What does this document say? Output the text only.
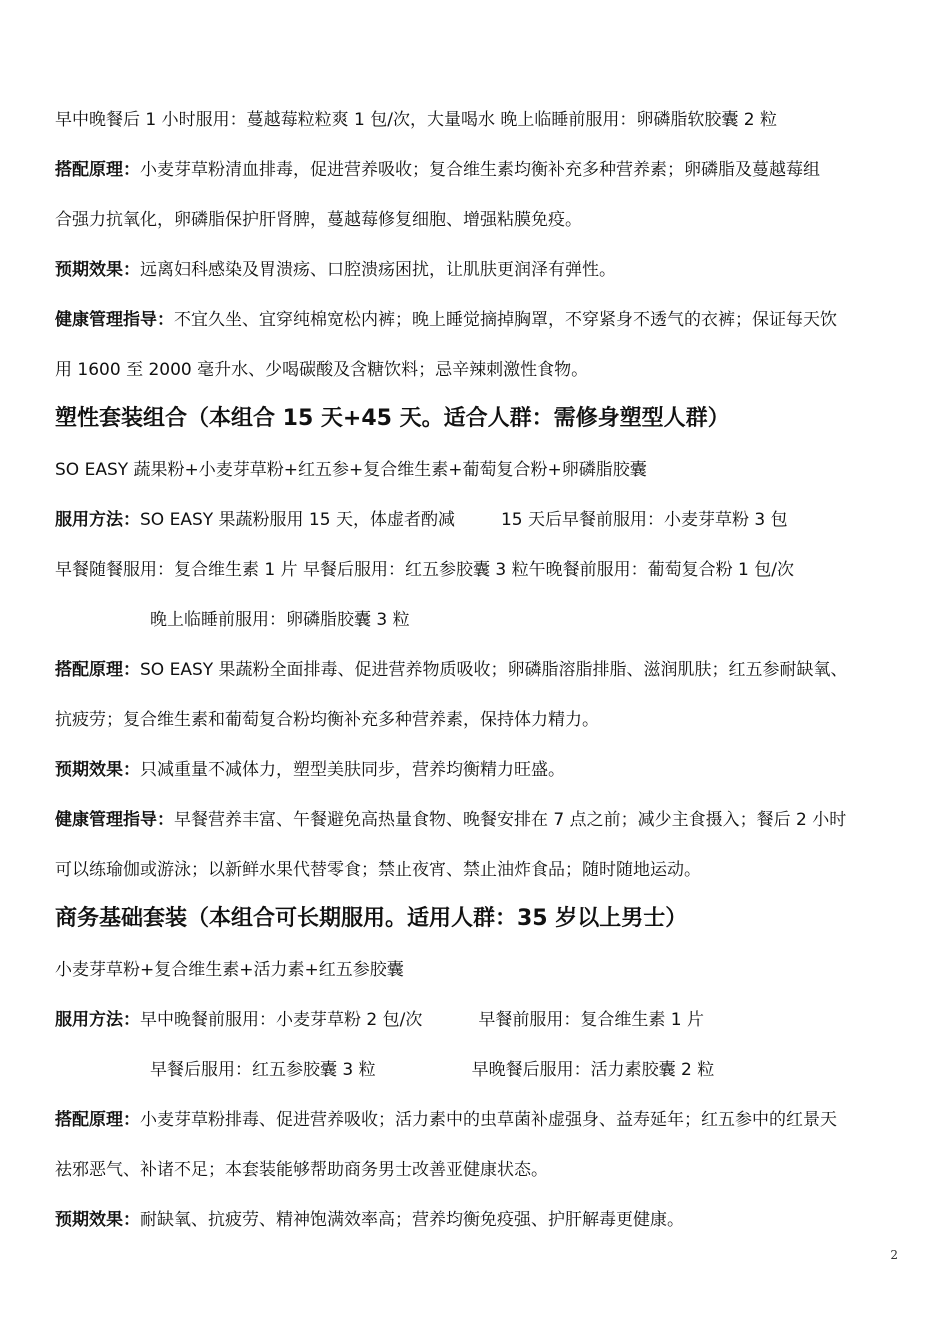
早中晚餐后 1 小时服用：蔓越莓粒粒爽 1 包/次，大量喝水 晚上临睡前服用：卵磷脂软胶囊 2 粒
搭配原理：小麦芽草粉清血排毒，促进营养吸收；复合维生素均衡补充多种营养素；卵磷脂及蔓越莓组
合强力抗氧化，卵磷脂保护肝肾脾，蔓越莓修复细胞、增强粘膜免疫。
预期效果：远离妇科感染及胃溃疡、口腔溃疡困扰，让肌肤更润泽有弹性。
健康管理指导：不宜久坐、宜穿纯棉宽松内裤；晚上睡觉摘掉胸罩，不穿紧身不透气的衣裤；保证每天饮
用 1600 至 2000 毫升水、少喝碳酸及含糖饮料；忌辛辣刺激性食物。
塑性套装组合（本组合 15 天+45 天。适合人群：需修身塑型人群）
SO EASY 蔬果粉+小麦芽草粉+红五参+复合维生素+葡萄复合粉+卵磷脂胶囊
服用方法：SO EASY 果蔬粉服用 15 天，体虚者酌减	15 天后早餐前服用：小麦芽草粉 3 包
早餐随餐服用：复合维生素 1 片 早餐后服用：红五参胶囊 3 粒午晚餐前服用：葡萄复合粉 1 包/次
晚上临睡前服用：卵磷脂胶囊 3 粒
搭配原理：SO EASY 果蔬粉全面排毒、促进营养物质吸收；卵磷脂溶脂排脂、滋润肌肤；红五参耐缺氧、
抗疲劳；复合维生素和葡萄复合粉均衡补充多种营养素，保持体力精力。
预期效果：只减重量不减体力，塑型美肤同步，营养均衡精力旺盛。
健康管理指导：早餐营养丰富、午餐避免高热量食物、晚餐安排在 7 点之前；减少主食摄入；餐后 2 小时
可以练瑜伽或游泳；以新鲜水果代替零食；禁止夜宵、禁止油炸食品；随时随地运动。
商务基础套装（本组合可长期服用。适用人群：35 岁以上男士）
小麦芽草粉+复合维生素+活力素+红五参胶囊
服用方法：早中晚餐前服用：小麦芽草粉 2 包/次	早餐前服用：复合维生素 1 片
早餐后服用：红五参胶囊 3 粒	早晚餐后服用：活力素胶囊 2 粒
搭配原理：小麦芽草粉排毒、促进营养吸收；活力素中的虫草菌补虚强身、益寿延年；红五参中的红景天
祛邪恶气、补诸不足；本套装能够帮助商务男士改善亚健康状态。
预期效果：耐缺氧、抗疲劳、精神饱满效率高；营养均衡免疫强、护肝解毒更健康。
2
